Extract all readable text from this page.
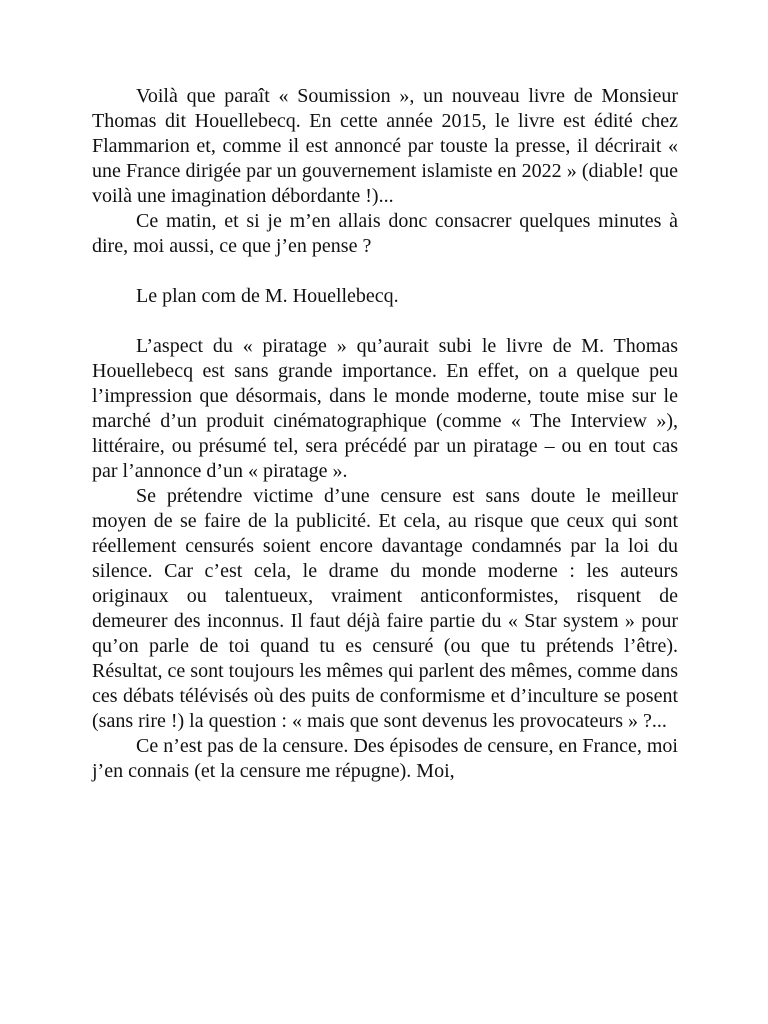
Voilà que paraît « Soumission », un nouveau livre de Monsieur Thomas dit Houellebecq. En cette année 2015, le livre est édité chez Flammarion et, comme il est annoncé par touste la presse, il décrirait « une France dirigée par un gouvernement islamiste en 2022 » (diable! que voilà une imagination débordante !)...

Ce matin, et si je m’en allais donc consacrer quelques minutes à dire, moi aussi, ce que j’en pense ?

Le plan com de M. Houellebecq.

L’aspect du « piratage » qu’aurait subi le livre de M. Thomas Houellebecq est sans grande importance. En effet, on a quelque peu l’impression que désormais, dans le monde moderne, toute mise sur le marché d’un produit cinématographique (comme « The Interview »), littéraire, ou présumé tel, sera précédé par un piratage – ou en tout cas par l’annonce d’un « piratage ».

Se prétendre victime d’une censure est sans doute le meilleur moyen de se faire de la publicité. Et cela, au risque que ceux qui sont réellement censurés soient encore davantage condamnés par la loi du silence. Car c’est cela, le drame du monde moderne : les auteurs originaux ou talentueux, vraiment anticonformistes, risquent de demeurer des inconnus. Il faut déjà faire partie du « Star system » pour qu’on parle de toi quand tu es censuré (ou que tu prétends l’être). Résultat, ce sont toujours les mêmes qui parlent des mêmes, comme dans ces débats télévisés où des puits de conformisme et d’inculture se posent (sans rire !) la question : « mais que sont devenus les provocateurs » ?...

Ce n’est pas de la censure. Des épisodes de censure, en France, moi j’en connais (et la censure me répugne). Moi,
